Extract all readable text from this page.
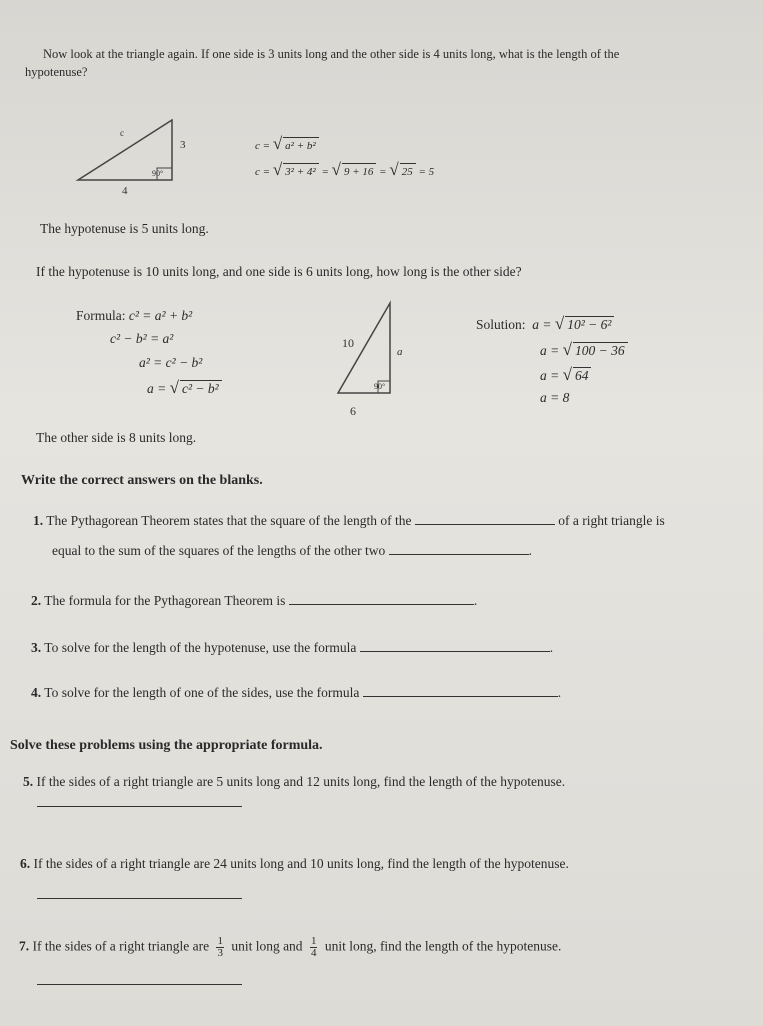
Now look at the triangle again. If one side is 3 units long and the other side is 4 units long, what is the length of the
hypotenuse?
c
3
90°
4
c = √ a² + b²
c = √ 3² + 4² = √ 9 + 16 = √ 25 = 5
The hypotenuse is 5 units long.
If the hypotenuse is 10 units long, and one side is 6 units long, how long is the other side?
Formula: c² = a² + b²
c² − b² = a²
a² = c² − b²
a = √ c² − b²
10
a
90°
6
Solution: a = √ 10² − 6²
a = √ 100 − 36
a = √ 64
a = 8
The other side is 8 units long.
Write the correct answers on the blanks.
1. The Pythagorean Theorem states that the square of the length of the	of a right triangle is
equal to the sum of the squares of the lengths of the other two	.
2. The formula for the Pythagorean Theorem is	.
3. To solve for the length of the hypotenuse, use the formula	.
4. To solve for the length of one of the sides, use the formula	.
Solve these problems using the appropriate formula.
5. If the sides of a right triangle are 5 units long and 12 units long, find the length of the hypotenuse.
6. If the sides of a right triangle are 24 units long and 10 units long, find the length of the hypotenuse.
7. If the sides of a right triangle are $\frac{1}{3}$ unit long and $\frac{1}{4}$ unit long, find the length of the hypotenuse.
